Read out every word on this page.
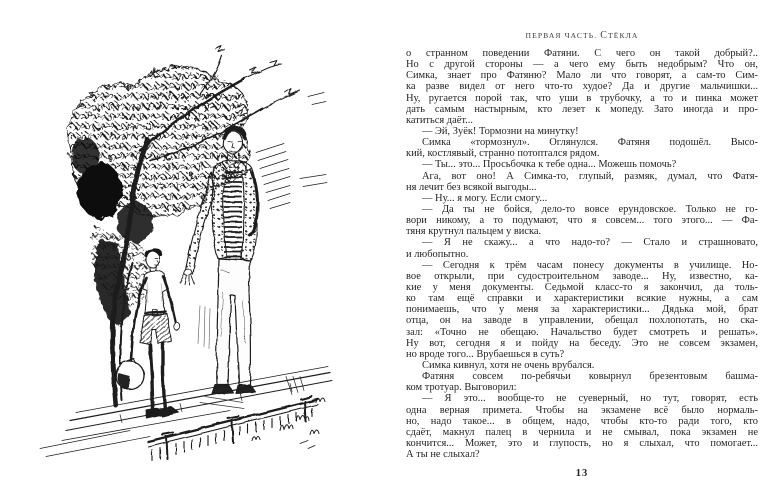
ПЕРВАЯ ЧАСТЬ. СТЁКЛА
о странном поведении Фатяни. С чего он такой добрый?..
Но с другой стороны — а чего ему быть недобрым? Что он,
Симка, знает про Фатяню? Мало ли что говорят, а сам-то Сим-
ка разве видел от него что-то худое? Да и другие мальчишки...
Ну, ругается порой так, что уши в трубочку, а то и пинка может
дать самым настырным, кто лезет к мопеду. Зато иногда и про-
катиться даёт...
— Эй, Зуёк! Тормозни на минутку!
Симка «тормознул». Оглянулся. Фатяня подошёл. Высо-
кий, костлявый, странно потоптался рядом.
— Ты... это... Просьбочка к тебе одна... Можешь помочь?
Ага, вот оно! А Симка-то, глупый, размяк, думал, что Фатя-
ня лечит без всякой выгоды...
— Ну... я могу. Если смогу...
— Да ты не бойся, дело-то вовсе ерундовское. Только не го-
вори никому, а то подумают, что я совсем... того этого... — Фа-
тяня крутнул пальцем у виска.
— Я не скажу... а что надо-то? — Стало и страшновато,
и любопытно.
— Сегодня к трём часам понесу документы в училище. Но-
вое открыли, при судостроительном заводе... Ну, известно, ка-
кие у меня документы. Седьмой класс-то я закончил, да толь-
ко там ещё справки и характеристики всякие нужны, а сам
понимаешь, что у меня за характеристики... Дядька мой, брат
отца, он на заводе в управлении, обещал похлопотать, но ска-
зал: «Точно не обещаю. Начальство будет смотреть и решать».
Ну вот, сегодня я и пойду на беседу. Это не совсем экзамен,
но вроде того... Врубаешься в суть?
Симка кивнул, хотя не очень врубался.
Фатяня совсем по-ребячьи ковырнул брезентовым башма-
ком тротуар. Выговорил:
— Я это... вообще-то не суеверный, но тут, говорят, есть
одна верная примета. Чтобы на экзамене всё было нормаль-
но, надо такое... в общем, надо, чтобы кто-то ради того, кто
сдаёт, макнул палец в чернила и не смывал, пока экзамен не
кончится... Может, это и глупость, но я слыхал, что помогает...
А ты не слыхал?
13
